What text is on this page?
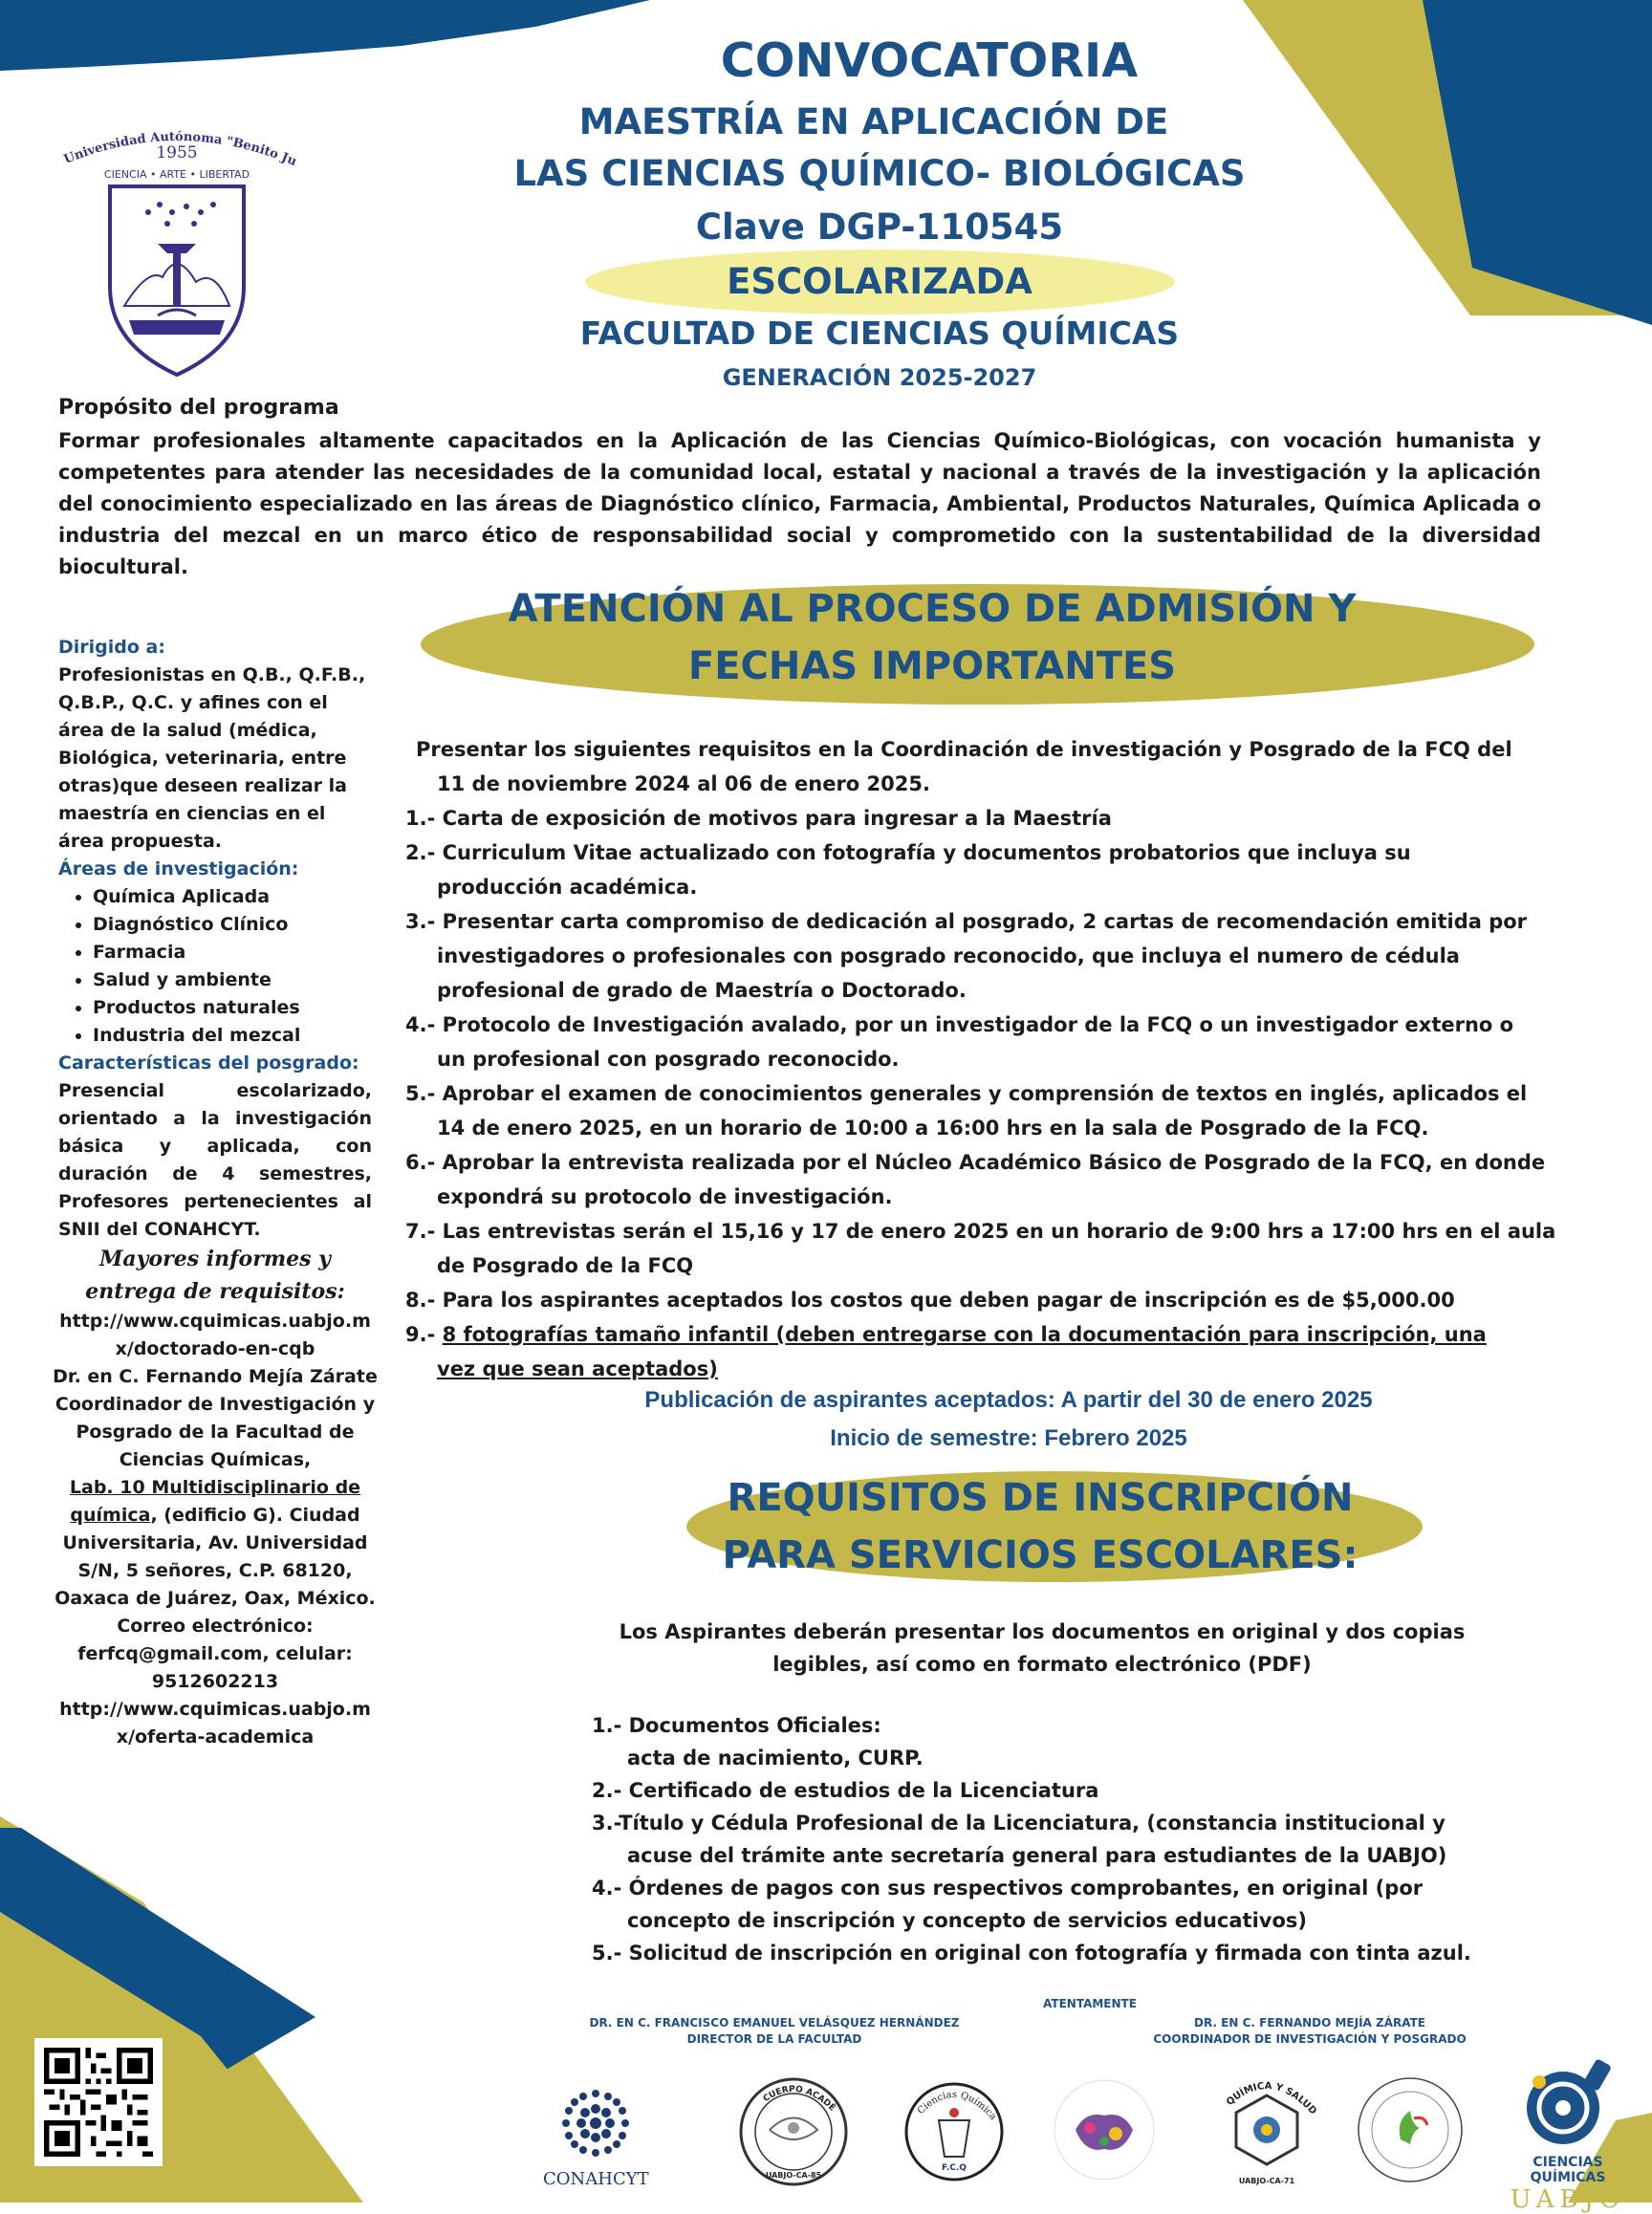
Universidad Autónoma "Benito Ju
1955
CIENCIA • ARTE • LIBERTAD
CONVOCATORIA
MAESTRÍA EN APLICACIÓN DE
LAS CIENCIAS QUÍMICO- BIOLÓGICAS
Clave DGP-110545
ESCOLARIZADA
FACULTAD DE CIENCIAS QUÍMICAS
GENERACIÓN 2025-2027
Propósito del programa
Formar profesionales altamente capacitados en la Aplicación de las Ciencias Químico-Biológicas, con vocación humanista y competentes para atender las necesidades de la comunidad local, estatal y nacional a través de la investigación y la aplicación del conocimiento especializado en las áreas de Diagnóstico clínico, Farmacia, Ambiental, Productos Naturales, Química Aplicada o industria del mezcal en un marco ético de responsabilidad social y comprometido con la sustentabilidad de la diversidad biocultural.
Dirigido a:
Profesionistas en Q.B., Q.F.B., Q.B.P., Q.C. y afines con el área de la salud (médica, Biológica, veterinaria, entre otras)que deseen realizar la maestría en ciencias en el área propuesta.
Áreas de investigación:
• Química Aplicada
• Diagnóstico Clínico
• Farmacia
• Salud y ambiente
• Productos naturales
• Industria del mezcal
Características del posgrado:
Presencial escolarizado, orientado a la investigación básica y aplicada, con duración de 4 semestres, Profesores pertenecientes al SNII del CONAHCYT.
Mayores informes y
entrega de requisitos:
http://www.cquimicas.uabjo.mx/doctorado-en-cqb
Dr. en C. Fernando Mejía Zárate
Coordinador de Investigación y Posgrado de la Facultad de Ciencias Químicas,
Lab. 10 Multidisciplinario de química, (edificio G). Ciudad Universitaria, Av. Universidad S/N, 5 señores, C.P. 68120, Oaxaca de Juárez, Oax, México.
Correo electrónico:
ferfcq@gmail.com, celular:
9512602213
http://www.cquimicas.uabjo.mx/oferta-academica
ATENCIÓN AL PROCESO DE ADMISIÓN Y
FECHAS IMPORTANTES
Presentar los siguientes requisitos en la Coordinación de investigación y Posgrado de la FCQ del 11 de noviembre 2024 al 06 de enero 2025.
1.- Carta de exposición de motivos para ingresar a la Maestría
2.- Curriculum Vitae actualizado con fotografía y documentos probatorios que incluya su producción académica.
3.- Presentar carta compromiso de dedicación al posgrado, 2 cartas de recomendación emitida por investigadores o profesionales con posgrado reconocido, que incluya el numero de cédula profesional de grado de Maestría o Doctorado.
4.- Protocolo de Investigación avalado, por un investigador de la FCQ o un investigador externo o un profesional con posgrado reconocido.
5.- Aprobar el examen de conocimientos generales y comprensión de textos en inglés, aplicados el 14 de enero 2025, en un horario de 10:00 a 16:00 hrs en la sala de Posgrado de la FCQ.
6.- Aprobar la entrevista realizada por el Núcleo Académico Básico de Posgrado de la FCQ, en donde expondrá su protocolo de investigación.
7.- Las entrevistas serán el 15,16 y 17 de enero 2025 en un horario de 9:00 hrs a 17:00 hrs en el aula de Posgrado de la FCQ
8.- Para los aspirantes aceptados los costos que deben pagar de inscripción es de $5,000.00
9.- 8 fotografías tamaño infantil (deben entregarse con la documentación para inscripción, una vez que sean aceptados)
Publicación de aspirantes aceptados: A partir del 30 de enero 2025
Inicio de semestre: Febrero 2025
REQUISITOS DE INSCRIPCIÓN
PARA SERVICIOS ESCOLARES:
Los Aspirantes deberán presentar los documentos en original y dos copias legibles, así como en formato electrónico (PDF)
1.- Documentos Oficiales:
acta de nacimiento, CURP.
2.- Certificado de estudios de la Licenciatura
3.-Título y Cédula Profesional de la Licenciatura, (constancia institucional y acuse del trámite ante secretaría general para estudiantes de la UABJO)
4.- Órdenes de pagos con sus respectivos comprobantes, en original (por concepto de inscripción y concepto de servicios educativos)
5.- Solicitud de inscripción en original con fotografía y firmada con tinta azul.
ATENTAMENTE
DR. EN C. FRANCISCO EMANUEL VELÁSQUEZ HERNÁNDEZ
DIRECTOR DE LA FACULTAD
DR. EN C. FERNANDO MEJÍA ZÁRATE
COORDINADOR DE INVESTIGACIÓN Y POSGRADO
CONAHCYT
CUERPO ACADÉ
UABJO-CA-85
Ciencias Química
F.C.Q
QUÍMICA Y SALUD
UABJO-CA-71
CIENCIAS QUÍMICAS
UABJO
